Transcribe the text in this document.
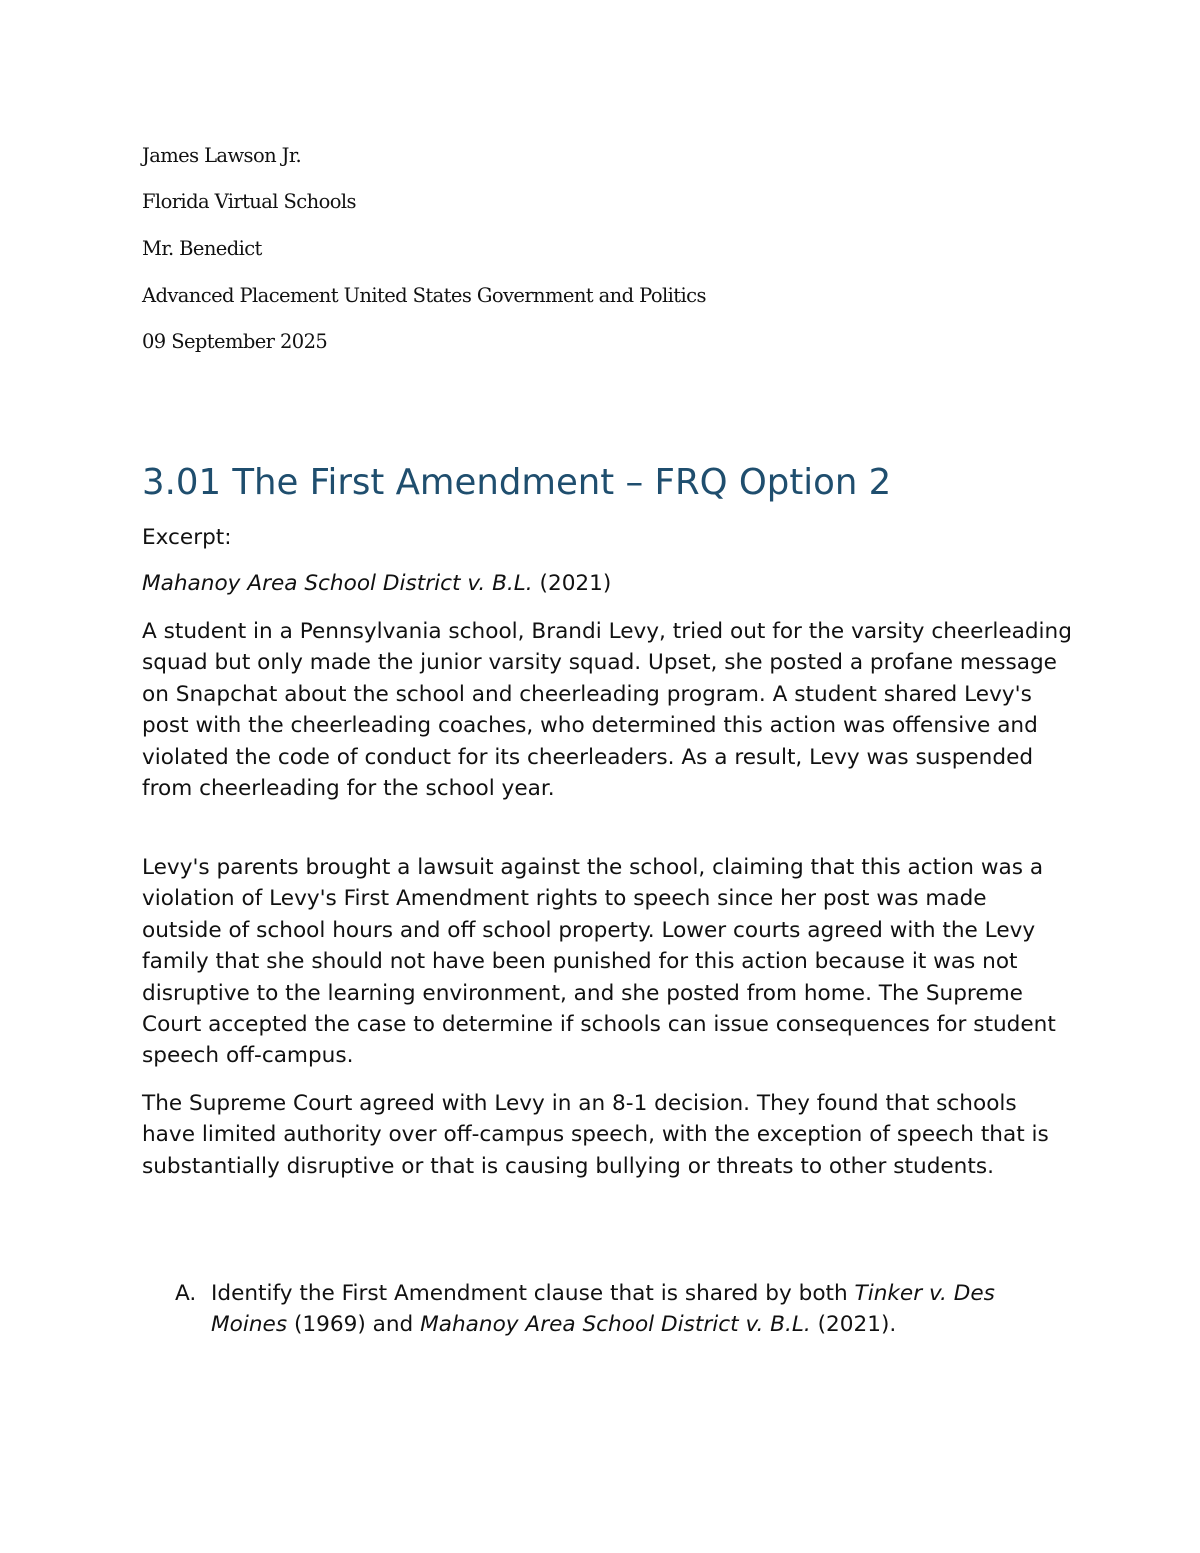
James Lawson Jr.
Florida Virtual Schools
Mr. Benedict
Advanced Placement United States Government and Politics
09 September 2025
3.01 The First Amendment – FRQ Option 2
Excerpt:
Mahanoy Area School District v. B.L. (2021)

A student in a Pennsylvania school, Brandi Levy, tried out for the varsity cheerleading squad but only made the junior varsity squad. Upset, she posted a profane message on Snapchat about the school and cheerleading program. A student shared Levy's post with the cheerleading coaches, who determined this action was offensive and violated the code of conduct for its cheerleaders. As a result, Levy was suspended from cheerleading for the school year.

Levy's parents brought a lawsuit against the school, claiming that this action was a violation of Levy's First Amendment rights to speech since her post was made outside of school hours and off school property. Lower courts agreed with the Levy family that she should not have been punished for this action because it was not disruptive to the learning environment, and she posted from home. The Supreme Court accepted the case to determine if schools can issue consequences for student speech off-campus.

The Supreme Court agreed with Levy in an 8-1 decision. They found that schools have limited authority over off-campus speech, with the exception of speech that is substantially disruptive or that is causing bullying or threats to other students.

A. Identify the First Amendment clause that is shared by both Tinker v. Des Moines (1969) and Mahanoy Area School District v. B.L. (2021).
